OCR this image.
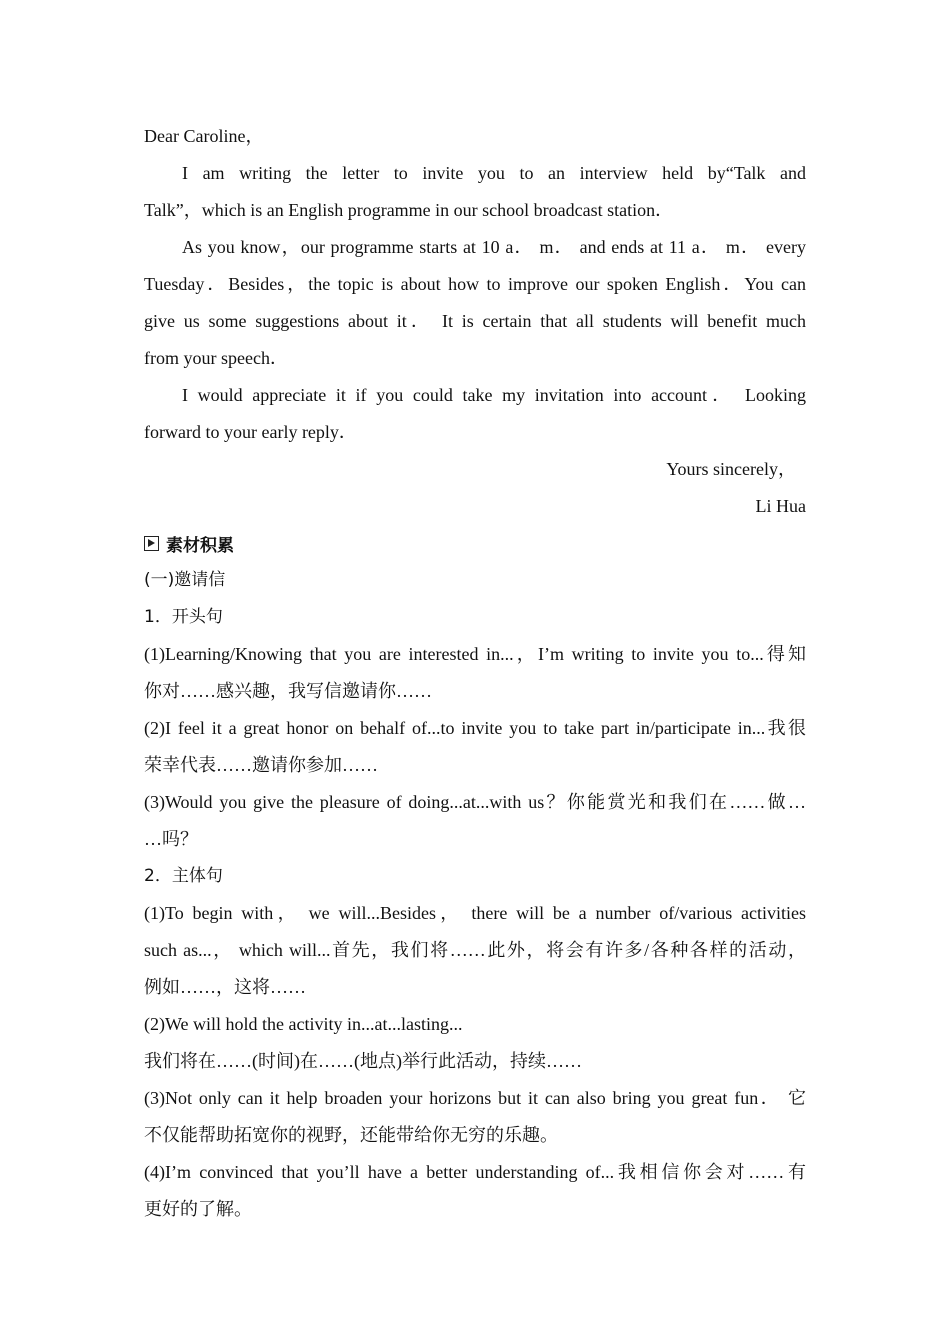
Dear Caroline，
I am writing the letter to invite you to an interview held by“Talk and
Talk”，which is an English programme in our school broadcast station．
As you know，our programme starts at 10 a． m． and ends at 11 a． m． every
Tuesday．Besides，the topic is about how to improve our spoken English．You can
give us some suggestions about it． It is certain that all students will benefit much
from your speech．
I would appreciate it if you could take my invitation into account． Looking
forward to your early reply．
Yours sincerely，
Li Hua
素材积累
(一)邀请信
1．开头句
(1)Learning/Knowing that you are interested in...，I’m writing to invite you to...得知
你对……感兴趣，我写信邀请你……
(2)I feel it a great honor on behalf of...to invite you to take part in/participate in...我很
荣幸代表……邀请你参加……
(3)Would you give the pleasure of doing...at...with us？你能赏光和我们在……做…
…吗？
2．主体句
(1)To begin with， we will...Besides， there will be a number of/various activities
such as...， which will...首先，我们将……此外，将会有许多/各种各样的活动，
例如……，这将……
(2)We will hold the activity in...at...lasting...
我们将在……(时间)在……(地点)举行此活动，持续……
(3)Not only can it help broaden your horizons but it can also bring you great fun． 它
不仅能帮助拓宽你的视野，还能带给你无穷的乐趣。
(4)I’m convinced that you’ll have a better understanding of...我相信你会对……有
更好的了解。
